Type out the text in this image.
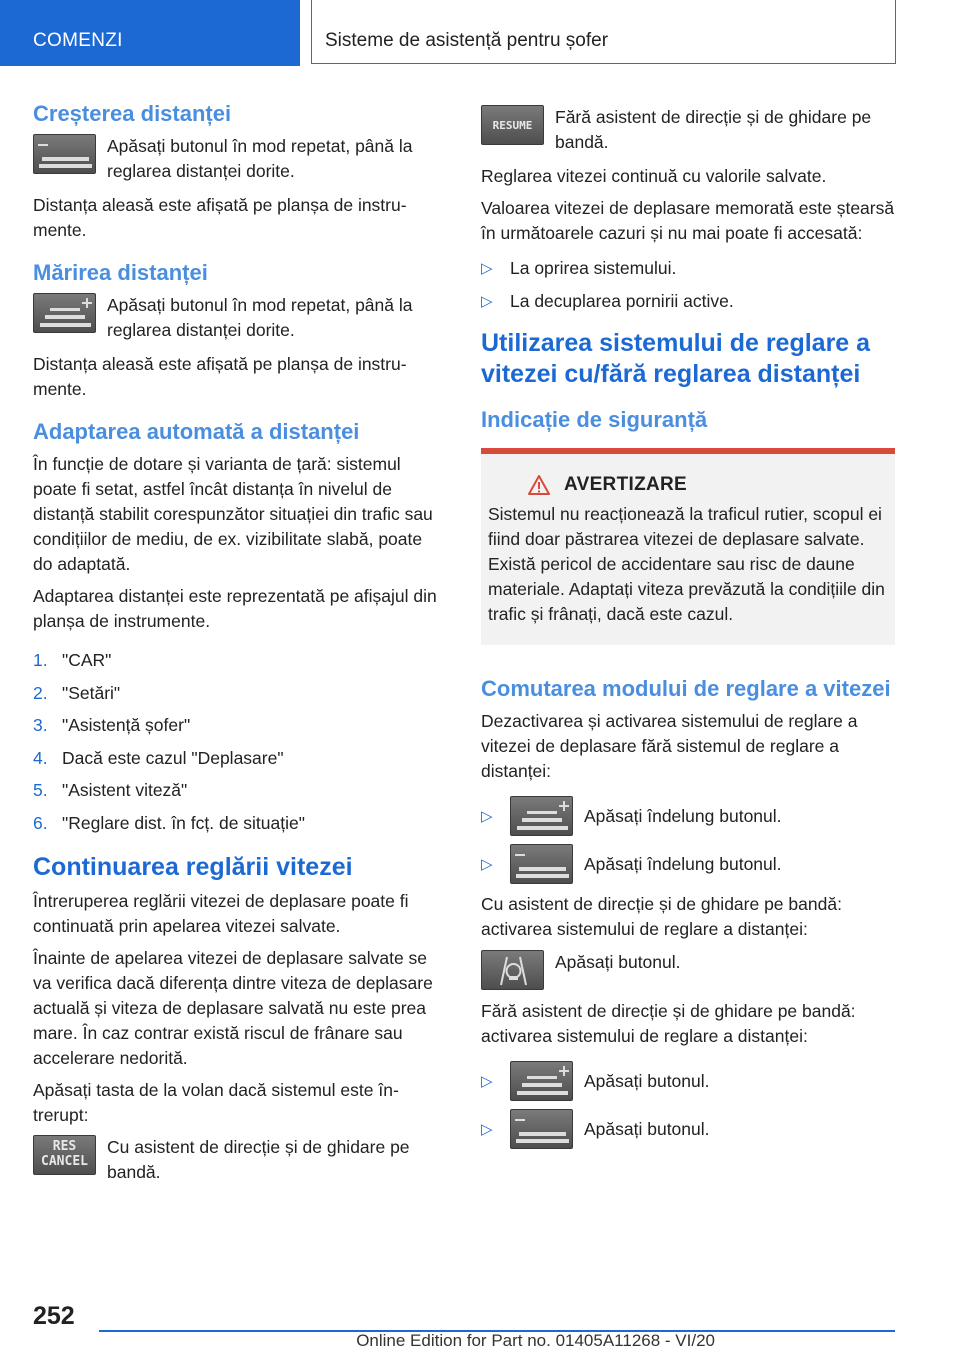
COMENZI	Sisteme de asistență pentru șofer
Creșterea distanței
Apăsați butonul în mod repetat, până la reglarea distanței dorite.

Distanța aleasă este afișată pe planșa de instrumente.

Mărirea distanței
Apăsați butonul în mod repetat, până la reglarea distanței dorite.

Distanța aleasă este afișată pe planșa de instrumente.

Adaptarea automată a distanței

În funcție de dotare și varianta de țară: sistemul poate fi setat, astfel încât distanța în nivelul de distanță stabilit corespunzător situației din trafic sau condițiilor de mediu, de ex. vizibilitate slabă, poate do adaptată.

Adaptarea distanței este reprezentată pe afișajul din planșa de instrumente.

1. "CAR"
2. "Setări"
3. "Asistență șofer"
4. Dacă este cazul "Deplasare"
5. "Asistent viteză"
6. "Reglare dist. în fcț. de situație"
Continuarea reglării vitezei

Întreruperea reglării vitezei de deplasare poate fi continuată prin apelarea vitezei salvate.

Înainte de apelarea vitezei de deplasare salvate se va verifica dacă diferența dintre viteza de deplasare actuală și viteza de deplasare salvată nu este prea mare. În caz contrar există riscul de frânare sau accelerare nedorită.

Apăsați tasta de la volan dacă sistemul este întrerupt:

RES
CANCEL
Cu asistent de direcție și de ghidare pe bandă.
RESUME	Fără asistent de direcție și de ghidare pe bandă.

Reglarea vitezei continuă cu valorile salvate.

Valoarea vitezei de deplasare memorată este ștearsă în următoarele cazuri și nu mai poate fi accesată:

▷ La oprirea sistemului.
▷ La decuplarea pornirii active.
Utilizarea sistemului de reglare a vitezei cu/fără reglarea distanței
Indicație de siguranță
AVERTIZARE

Sistemul nu reacționează la traficul rutier, scopul ei fiind doar păstrarea vitezei de deplasare salvate. Există pericol de accidentare sau risc de daune materiale. Adaptați viteza prevăzută la condițiile din trafic și frânați, dacă este cazul.

Comutarea modului de reglare a vitezei

Dezactivarea și activarea sistemului de reglare a vitezei de deplasare fără sistemul de reglare a distanței:

▷	Apăsați îndelung butonul.
▷	Apăsați îndelung butonul.

Cu asistent de direcție și de ghidare pe bandă: activarea sistemului de reglare a distanței:

Apăsați butonul.

Fără asistent de direcție și de ghidare pe bandă: activarea sistemului de reglare a distanței:

▷	Apăsați butonul.
▷	Apăsați butonul.
252
Online Edition for Part no. 01405A11268 - VI/20
